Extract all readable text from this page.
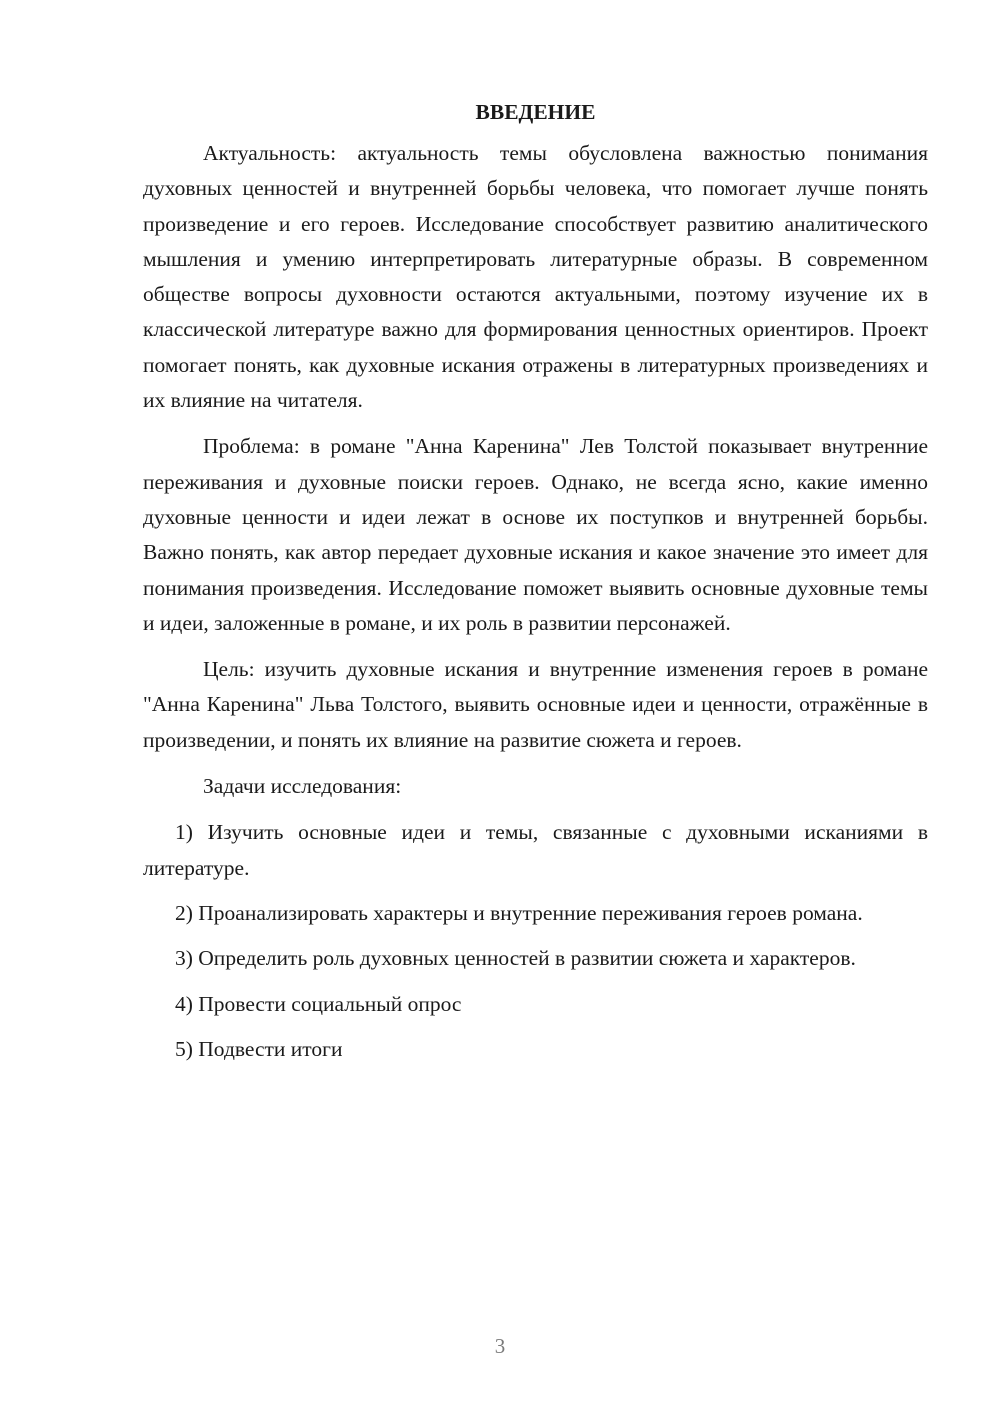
ВВЕДЕНИЕ

Актуальность: актуальность темы обусловлена важностью понимания духовных ценностей и внутренней борьбы человека, что помогает лучше понять произведение и его героев. Исследование способствует развитию аналитического мышления и умению интерпретировать литературные образы. В современном обществе вопросы духовности остаются актуальными, поэтому изучение их в классической литературе важно для формирования ценностных ориентиров. Проект помогает понять, как духовные искания отражены в литературных произведениях и их влияние на читателя.

Проблема: в романе "Анна Каренина" Лев Толстой показывает внутренние переживания и духовные поиски героев. Однако, не всегда ясно, какие именно духовные ценности и идеи лежат в основе их поступков и внутренней борьбы. Важно понять, как автор передает духовные искания и какое значение это имеет для понимания произведения. Исследование поможет выявить основные духовные темы и идеи, заложенные в романе, и их роль в развитии персонажей.

Цель: изучить духовные искания и внутренние изменения героев в романе "Анна Каренина" Льва Толстого, выявить основные идеи и ценности, отражённые в произведении, и понять их влияние на развитие сюжета и героев.

Задачи исследования:

1) Изучить основные идеи и темы, связанные с духовными исканиями в литературе.

2) Проанализировать характеры и внутренние переживания героев романа.

3) Определить роль духовных ценностей в развитии сюжета и характеров.

4) Провести социальный опрос

5) Подвести итоги

3
